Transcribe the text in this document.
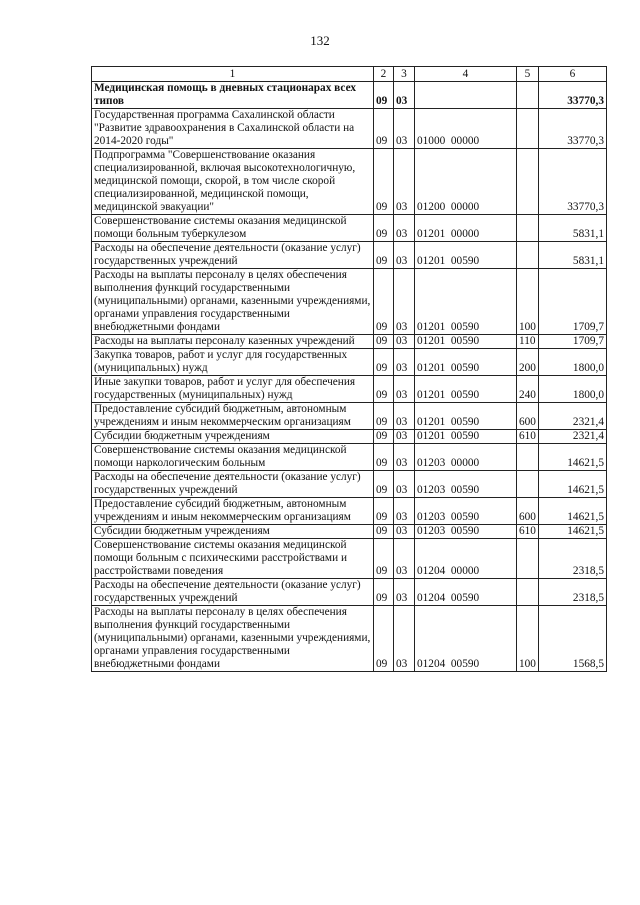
132
1	2	3	4	5	6
Медицинская помощь в дневных стационарах всех типов	09	03			33770,3
Государственная программа Сахалинской области "Развитие здравоохранения в Сахалинской области на 2014-2020 годы"	09	03	01000  00000		33770,3
Подпрограмма "Совершенствование оказания специализированной, включая высокотехнологичную, медицинской помощи, скорой, в том числе скорой специализированной, медицинской помощи, медицинской эвакуации"	09	03	01200  00000		33770,3
Совершенствование системы оказания медицинской помощи больным туберкулезом	09	03	01201  00000		5831,1
Расходы на обеспечение деятельности (оказание услуг) государственных учреждений	09	03	01201  00590		5831,1
Расходы на выплаты персоналу в целях обеспечения выполнения функций государственными (муниципальными) органами, казенными учреждениями, органами управления государственными внебюджетными фондами	09	03	01201  00590	100	1709,7
Расходы на выплаты персоналу казенных учреждений	09	03	01201  00590	110	1709,7
Закупка товаров, работ и услуг для государственных (муниципальных) нужд	09	03	01201  00590	200	1800,0
Иные закупки товаров, работ и услуг для обеспечения государственных (муниципальных) нужд	09	03	01201  00590	240	1800,0
Предоставление субсидий бюджетным, автономным учреждениям и иным некоммерческим организациям	09	03	01201  00590	600	2321,4
Субсидии бюджетным учреждениям	09	03	01201  00590	610	2321,4
Совершенствование системы оказания медицинской помощи наркологическим больным	09	03	01203  00000		14621,5
Расходы на обеспечение деятельности (оказание услуг) государственных учреждений	09	03	01203  00590		14621,5
Предоставление субсидий бюджетным, автономным учреждениям и иным некоммерческим организациям	09	03	01203  00590	600	14621,5
Субсидии бюджетным учреждениям	09	03	01203  00590	610	14621,5
Совершенствование системы оказания медицинской помощи больным с психическими расстройствами и расстройствами поведения	09	03	01204  00000		2318,5
Расходы на обеспечение деятельности (оказание услуг) государственных учреждений	09	03	01204  00590		2318,5
Расходы на выплаты персоналу в целях обеспечения выполнения функций государственными (муниципальными) органами, казенными учреждениями, органами управления государственными внебюджетными фондами	09	03	01204  00590	100	1568,5
